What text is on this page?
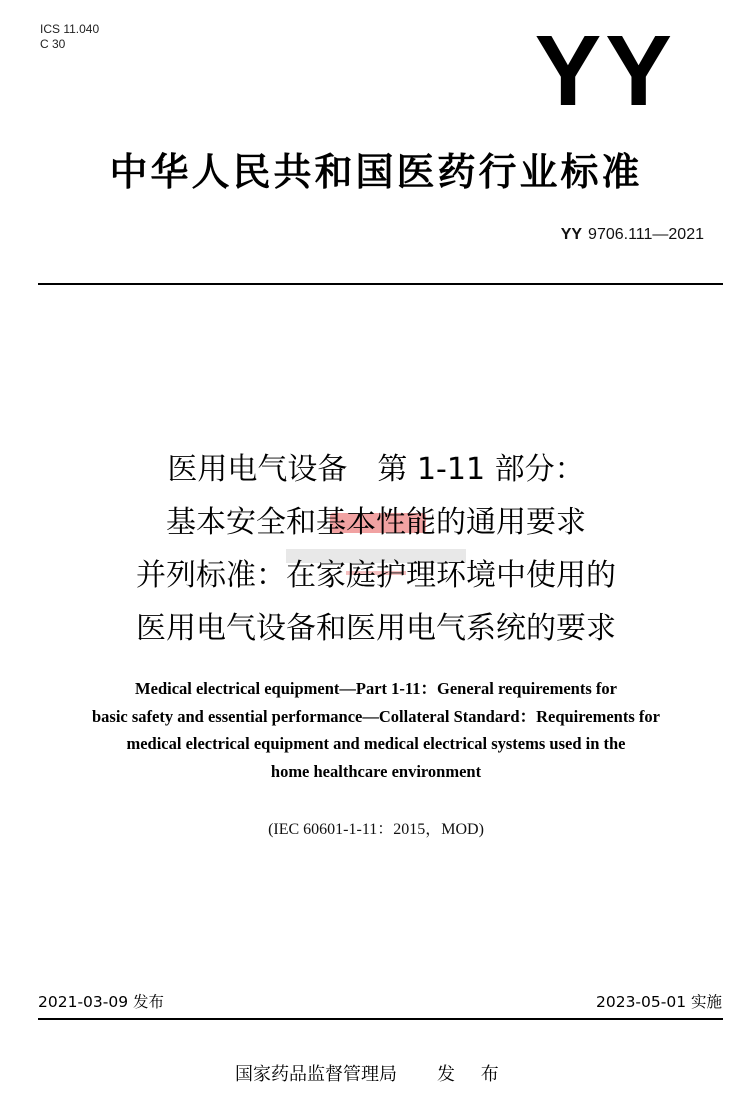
ICS 11.040
C 30	YY
中华人民共和国医药行业标准
YY 9706.111—2021
医用电气设备　第 1-11 部分：
基本安全和基本性能的通用要求
并列标准：在家庭护理环境中使用的
医用电气设备和医用电气系统的要求
Medical electrical equipment—Part 1-11：General requirements for
basic safety and essential performance—Collateral Standard：Requirements for
medical electrical equipment and medical electrical systems used in the
home healthcare environment
(IEC 60601-1-11：2015，MOD)
2021-03-09 发布	2023-05-01 实施
国家药品监督管理局 发 布
